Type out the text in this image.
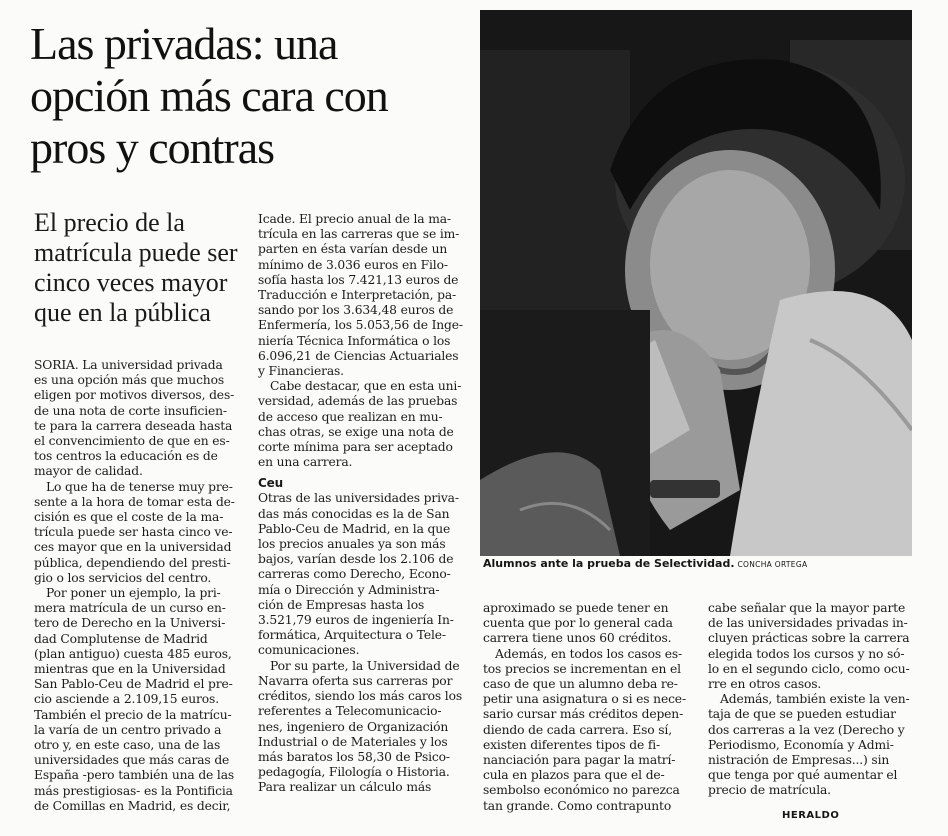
Las privadas: una
opción más cara con
pros y contras
El precio de la
matrícula puede ser
cinco veces mayor
que en la pública
SORIA. La universidad privada
es una opción más que muchos
eligen por motivos diversos, des-
de una nota de corte insuficien-
te para la carrera deseada hasta
el convencimiento de que en es-
tos centros la educación es de
mayor de calidad.
Lo que ha de tenerse muy pre-
sente a la hora de tomar esta de-
cisión es que el coste de la ma-
trícula puede ser hasta cinco ve-
ces mayor que en la universidad
pública, dependiendo del presti-
gio o los servicios del centro.
Por poner un ejemplo, la pri-
mera matrícula de un curso en-
tero de Derecho en la Universi-
dad Complutense de Madrid
(plan antiguo) cuesta 485 euros,
mientras que en la Universidad
San Pablo-Ceu de Madrid el pre-
cio asciende a 2.109,15 euros.
También el precio de la matrícu-
la varía de un centro privado a
otro y, en este caso, una de las
universidades que más caras de
España -pero también una de las
más prestigiosas- es la Pontificia
de Comillas en Madrid, es decir,
Icade. El precio anual de la ma-
trícula en las carreras que se im-
parten en ésta varían desde un
mínimo de 3.036 euros en Filo-
sofía hasta los 7.421,13 euros de
Traducción e Interpretación, pa-
sando por los 3.634,48 euros de
Enfermería, los 5.053,56 de Inge-
niería Técnica Informática o los
6.096,21 de Ciencias Actuariales
y Financieras.
Cabe destacar, que en esta uni-
versidad, además de las pruebas
de acceso que realizan en mu-
chas otras, se exige una nota de
corte mínima para ser aceptado
en una carrera.
Ceu
Otras de las universidades priva-
das más conocidas es la de San
Pablo-Ceu de Madrid, en la que
los precios anuales ya son más
bajos, varían desde los 2.106 de
carreras como Derecho, Econo-
mía o Dirección y Administra-
ción de Empresas hasta los
3.521,79 euros de ingeniería In-
formática, Arquitectura o Tele-
comunicaciones.
Por su parte, la Universidad de
Navarra oferta sus carreras por
créditos, siendo los más caros los
referentes a Telecomunicacio-
nes, ingeniero de Organización
Industrial o de Materiales y los
más baratos los 58,30 de Psico-
pedagogía, Filología o Historia.
Para realizar un cálculo más
aproximado se puede tener en
cuenta que por lo general cada
carrera tiene unos 60 créditos.
Además, en todos los casos es-
tos precios se incrementan en el
caso de que un alumno deba re-
petir una asignatura o si es nece-
sario cursar más créditos depen-
diendo de cada carrera. Eso sí,
existen diferentes tipos de fi-
nanciación para pagar la matrí-
cula en plazos para que el de-
sembolso económico no parezca
tan grande. Como contrapunto
cabe señalar que la mayor parte
de las universidades privadas in-
cluyen prácticas sobre la carrera
elegida todos los cursos y no só-
lo en el segundo ciclo, como ocu-
rre en otros casos.
Además, también existe la ven-
taja de que se pueden estudiar
dos carreras a la vez (Derecho y
Periodismo, Economía y Admi-
nistración de Empresas...) sin
que tenga por qué aumentar el
precio de matrícula.
Alumnos ante la prueba de Selectividad. CONCHA ORTEGA
HERALDO
